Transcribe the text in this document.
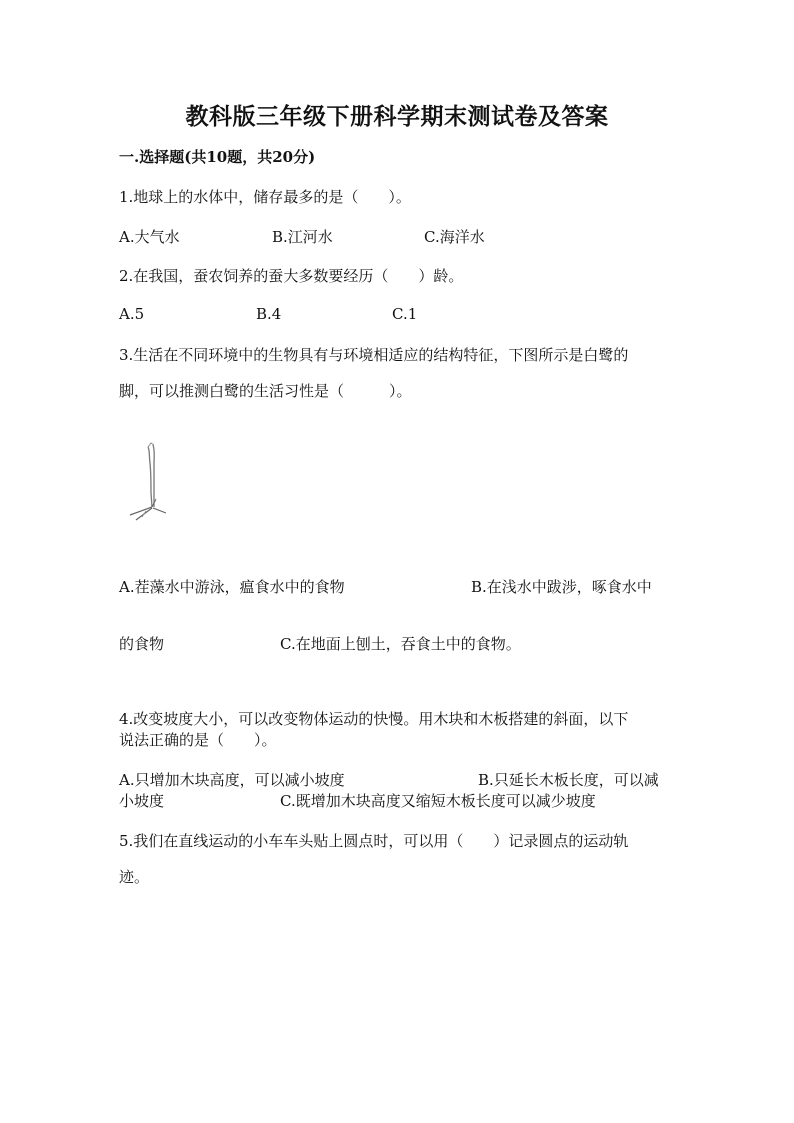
教科版三年级下册科学期末测试卷及答案
一.选择题(共10题，共20分)
1.地球上的水体中，储存最多的是（　　）。
A.大气水	B.江河水	C.海洋水
2.在我国，蚕农饲养的蚕大多数要经历（　　）龄。
A.5	B.4	C.1
3.生活在不同环境中的生物具有与环境相适应的结构特征，下图所示是白鹭的
脚，可以推测白鹭的生活习性是（　　　）。
A.茬藻水中游泳，瘟食水中的食物	B.在浅水中跋涉，啄食水中
的食物	C.在地面上刨土，吞食土中的食物。
4.改变坡度大小，可以改变物体运动的快慢。用木块和木板搭建的斜面，以下
说法正确的是（　　）。
A.只增加木块高度，可以减小坡度	B.只延长木板长度，可以减
小坡度	C.既增加木块高度又缩短木板长度可以减少坡度
5.我们在直线运动的小车车头贴上圆点时，可以用（　　）记录圆点的运动轨
迹。
